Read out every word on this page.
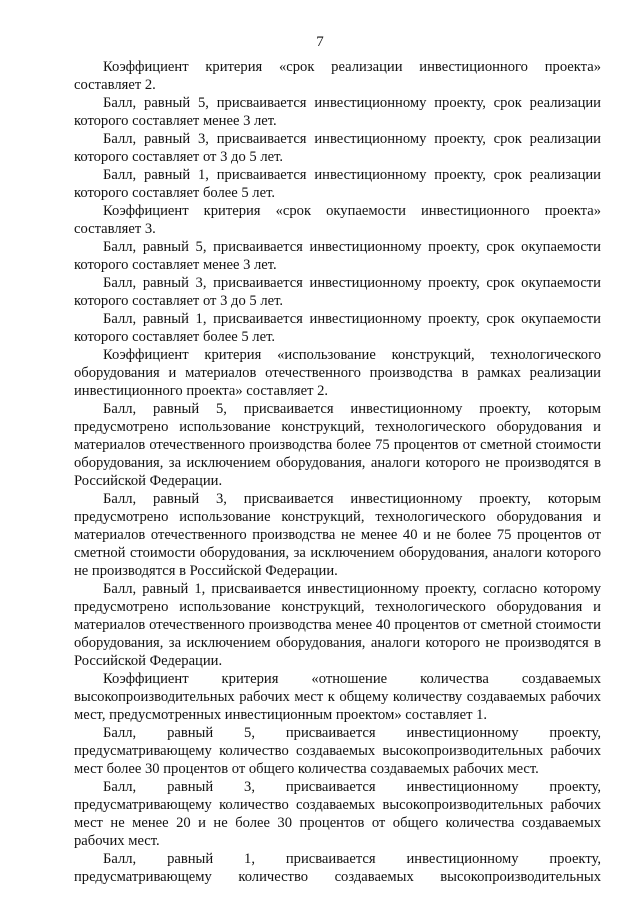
7

Коэффициент критерия «срок реализации инвестиционного проекта» составляет 2.

Балл, равный 5, присваивается инвестиционному проекту, срок реализации которого составляет менее 3 лет.

Балл, равный 3, присваивается инвестиционному проекту, срок реализации которого составляет от 3 до 5 лет.

Балл, равный 1, присваивается инвестиционному проекту, срок реализации которого составляет более 5 лет.

Коэффициент критерия «срок окупаемости инвестиционного проекта» составляет 3.

Балл, равный 5, присваивается инвестиционному проекту, срок окупаемости которого составляет менее 3 лет.

Балл, равный 3, присваивается инвестиционному проекту, срок окупаемости которого составляет от 3 до 5 лет.

Балл, равный 1, присваивается инвестиционному проекту, срок окупаемости которого составляет более 5 лет.

Коэффициент критерия «использование конструкций, технологического оборудования и материалов отечественного производства в рамках реализации инвестиционного проекта» составляет 2.

Балл, равный 5, присваивается инвестиционному проекту, которым предусмотрено использование конструкций, технологического оборудования и материалов отечественного производства более 75 процентов от сметной стоимости оборудования, за исключением оборудования, аналоги которого не производятся в Российской Федерации.

Балл, равный 3, присваивается инвестиционному проекту, которым предусмотрено использование конструкций, технологического оборудования и материалов отечественного производства не менее 40 и не более 75 процентов от сметной стоимости оборудования, за исключением оборудования, аналоги которого не производятся в Российской Федерации.

Балл, равный 1, присваивается инвестиционному проекту, согласно которому предусмотрено использование конструкций, технологического оборудования и материалов отечественного производства менее 40 процентов от сметной стоимости оборудования, за исключением оборудования, аналоги которого не производятся в Российской Федерации.

Коэффициент критерия «отношение количества создаваемых высокопроизводительных рабочих мест к общему количеству создаваемых рабочих мест, предусмотренных инвестиционным проектом» составляет 1.

Балл, равный 5, присваивается инвестиционному проекту, предусматривающему количество создаваемых высокопроизводительных рабочих мест более 30 процентов от общего количества создаваемых рабочих мест.

Балл, равный 3, присваивается инвестиционному проекту, предусматривающему количество создаваемых высокопроизводительных рабочих мест не менее 20 и не более 30 процентов от общего количества создаваемых рабочих мест.

Балл, равный 1, присваивается инвестиционному проекту, предусматривающему количество создаваемых высокопроизводительных
